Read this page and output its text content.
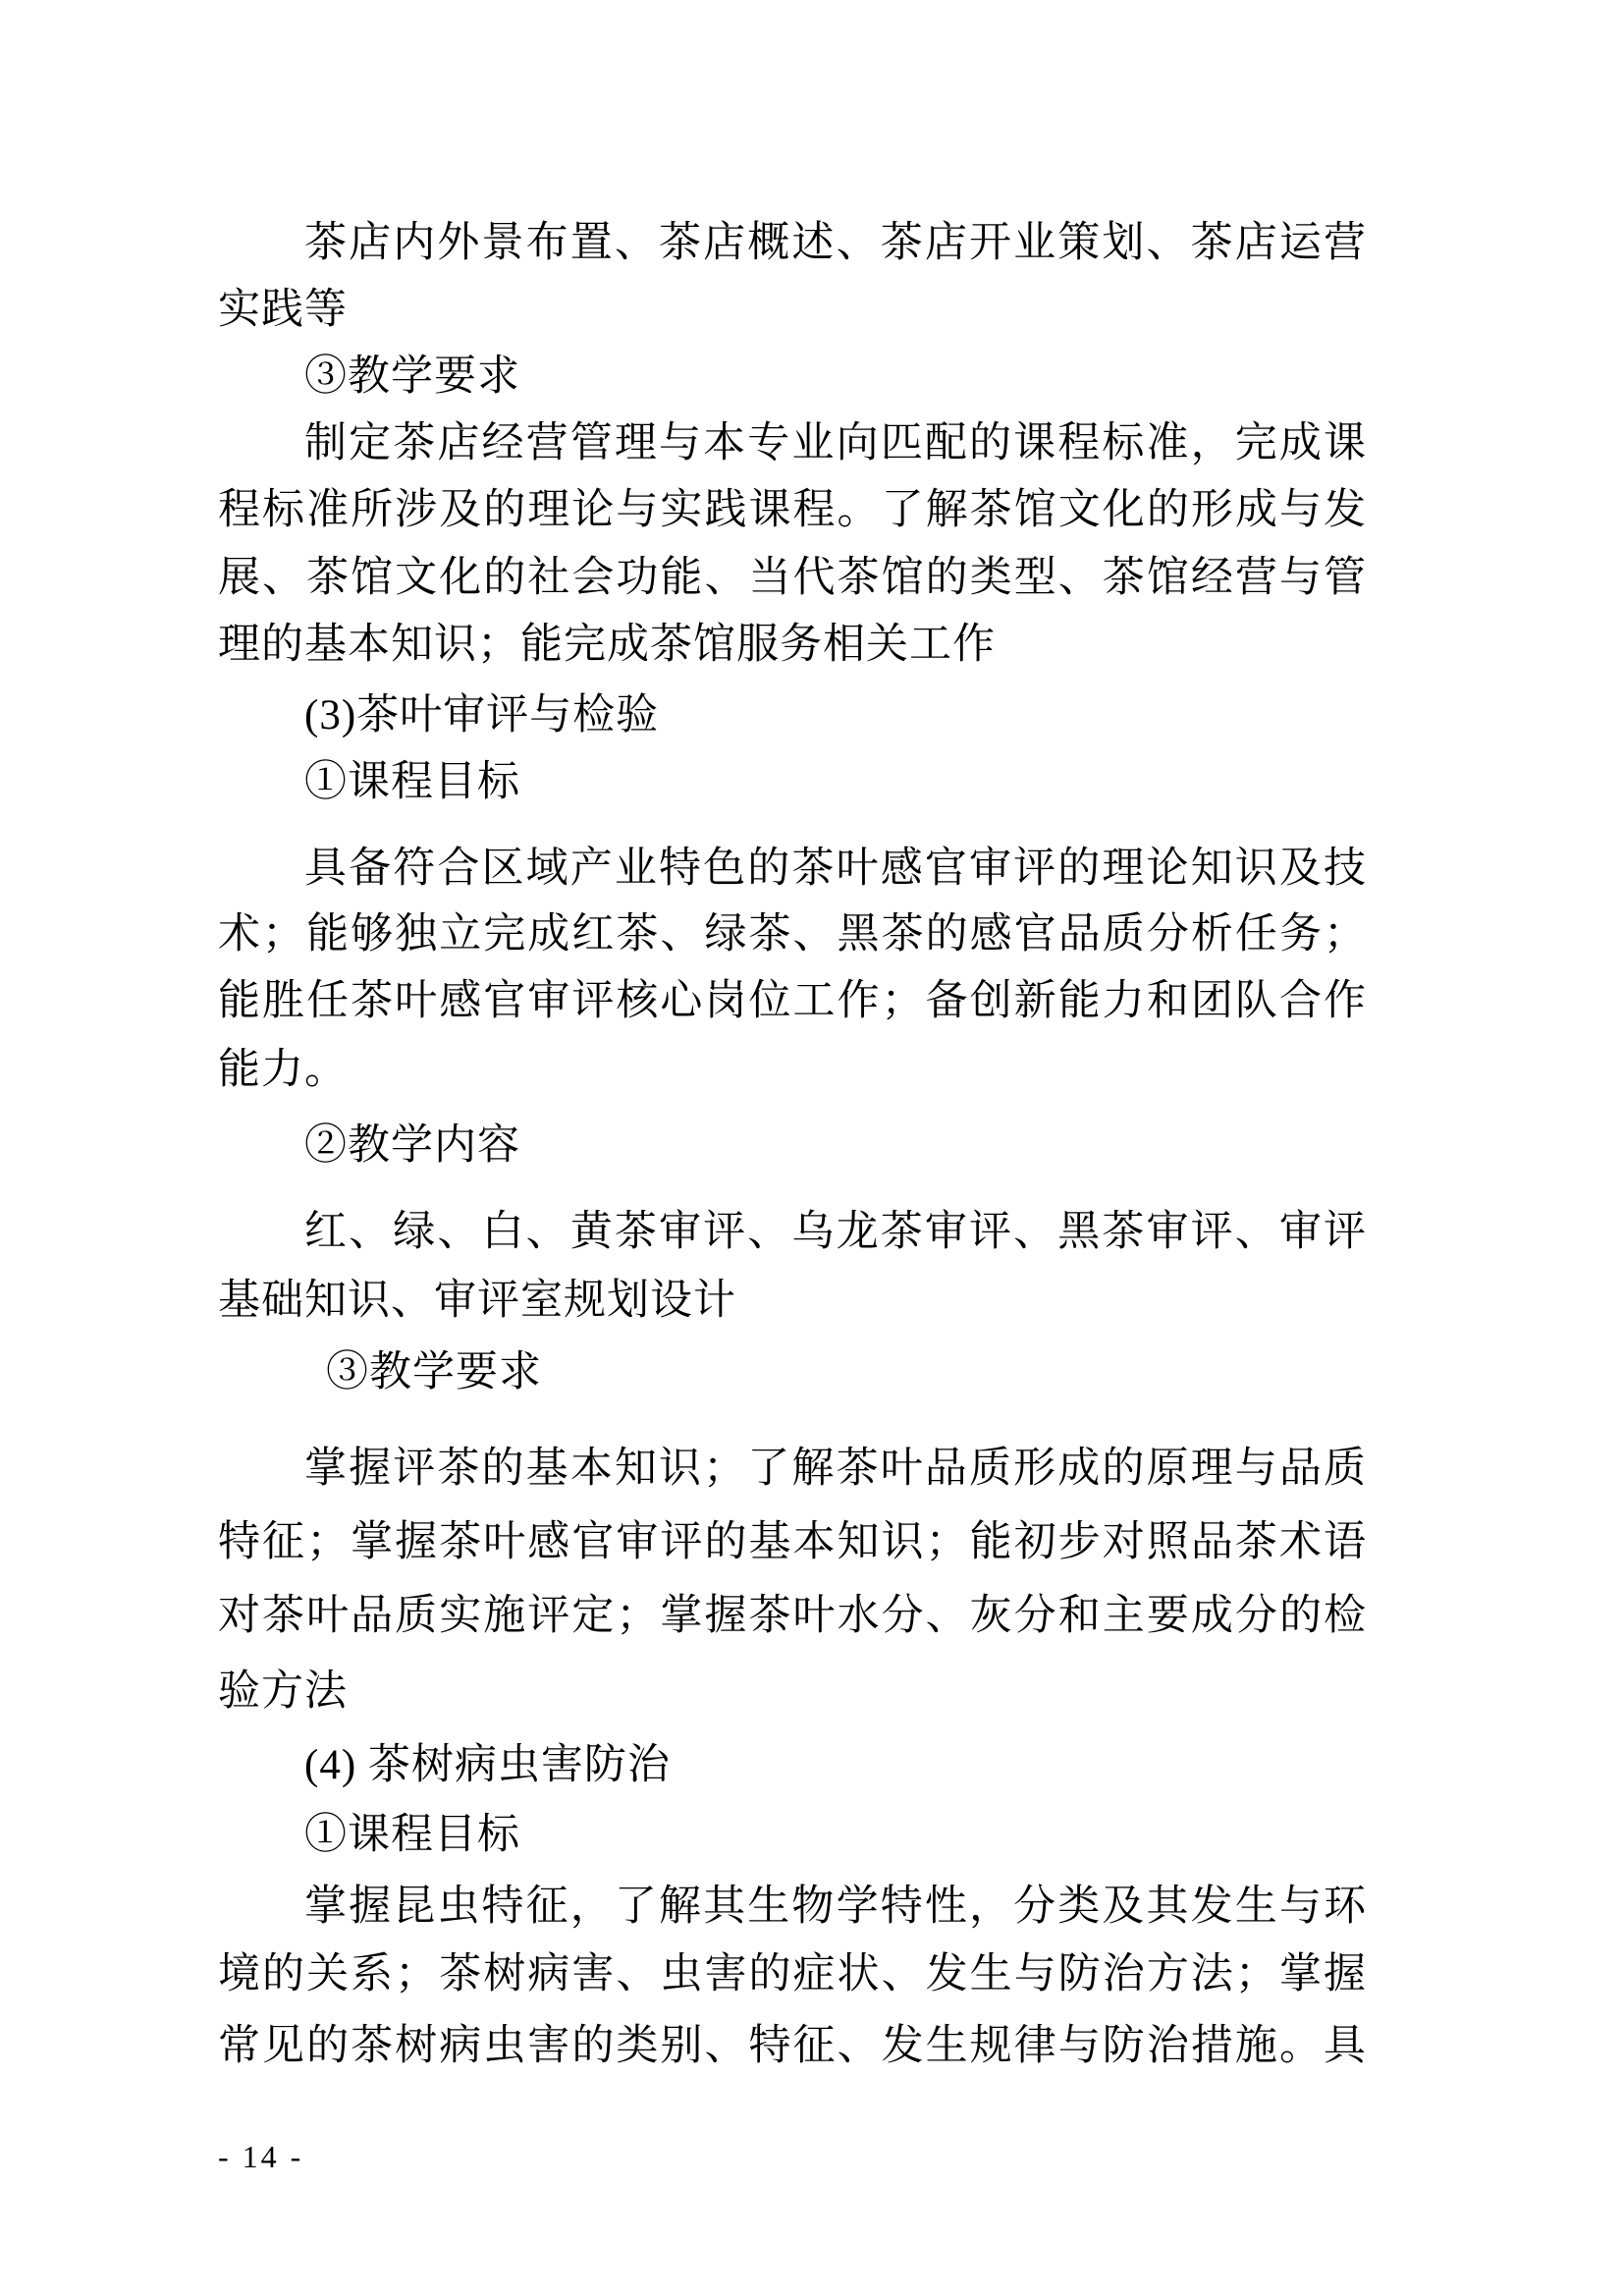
茶店内外景布置、茶店概述、茶店开业策划、茶店运营
实践等
③教学要求
制定茶店经营管理与本专业向匹配的课程标准，完成课
程标准所涉及的理论与实践课程。了解茶馆文化的形成与发
展、茶馆文化的社会功能、当代茶馆的类型、茶馆经营与管
理的基本知识；能完成茶馆服务相关工作
(3)茶叶审评与检验
①课程目标
具备符合区域产业特色的茶叶感官审评的理论知识及技
术；能够独立完成红茶、绿茶、黑茶的感官品质分析任务；
能胜任茶叶感官审评核心岗位工作；备创新能力和团队合作
能力。
②教学内容
红、绿、白、黄茶审评、乌龙茶审评、黑茶审评、审评
基础知识、审评室规划设计
③教学要求
掌握评茶的基本知识；了解茶叶品质形成的原理与品质
特征；掌握茶叶感官审评的基本知识；能初步对照品茶术语
对茶叶品质实施评定；掌握茶叶水分、灰分和主要成分的检
验方法
(4) 茶树病虫害防治
①课程目标
掌握昆虫特征，了解其生物学特性，分类及其发生与环
境的关系；茶树病害、虫害的症状、发生与防治方法；掌握
常见的茶树病虫害的类别、特征、发生规律与防治措施。具
- 14 -
